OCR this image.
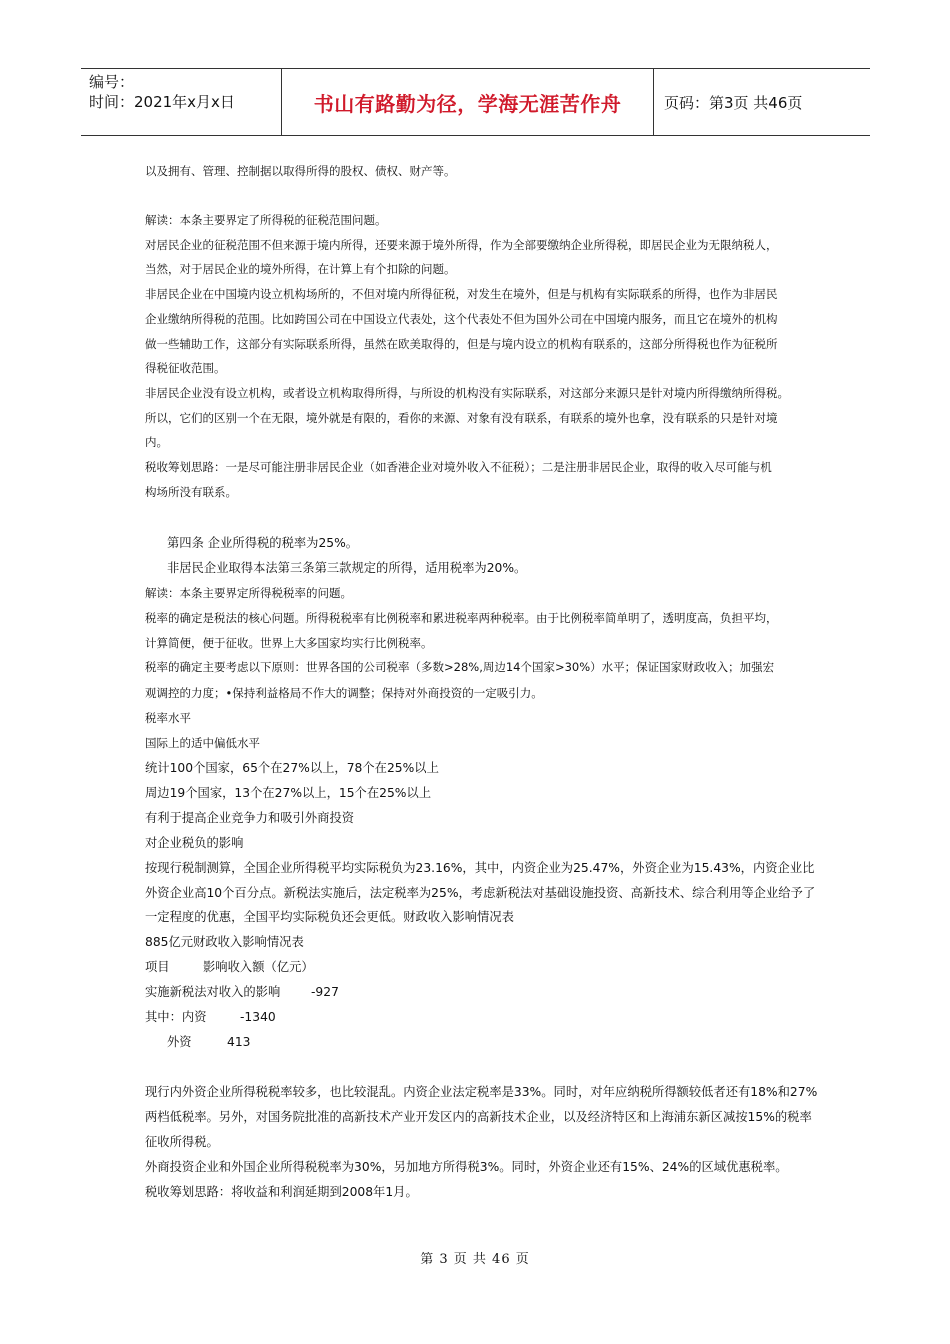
编号：
时间：2021年x月x日	书山有路勤为径，学海无涯苦作舟	页码：第3页 共46页
以及拥有、管理、控制据以取得所得的股权、债权、财产等。
解读：本条主要界定了所得税的征税范围问题。
对居民企业的征税范围不但来源于境内所得，还要来源于境外所得，作为全部要缴纳企业所得税，即居民企业为无限纳税人，
当然，对于居民企业的境外所得，在计算上有个扣除的问题。
非居民企业在中国境内设立机构场所的，不但对境内所得征税，对发生在境外，但是与机构有实际联系的所得，也作为非居民
企业缴纳所得税的范围。比如跨国公司在中国设立代表处，这个代表处不但为国外公司在中国境内服务，而且它在境外的机构
做一些辅助工作，这部分有实际联系所得，虽然在欧美取得的，但是与境内设立的机构有联系的，这部分所得税也作为征税所
得税征收范围。
非居民企业没有设立机构，或者设立机构取得所得，与所设的机构没有实际联系，对这部分来源只是针对境内所得缴纳所得税。
所以，它们的区别一个在无限，境外就是有限的，看你的来源、对象有没有联系，有联系的境外也拿，没有联系的只是针对境
内。
税收筹划思路：一是尽可能注册非居民企业（如香港企业对境外收入不征税）；二是注册非居民企业，取得的收入尽可能与机
构场所没有联系。
第四条 企业所得税的税率为25%。
非居民企业取得本法第三条第三款规定的所得，适用税率为20%。
解读：本条主要界定所得税税率的问题。
税率的确定是税法的核心问题。所得税税率有比例税率和累进税率两种税率。由于比例税率简单明了，透明度高，负担平均，
计算简便，便于征收。世界上大多国家均实行比例税率。
税率的确定主要考虑以下原则：世界各国的公司税率（多数>28%,周边14个国家>30%）水平；保证国家财政收入；加强宏
观调控的力度；•保持利益格局不作大的调整；保持对外商投资的一定吸引力。
税率水平
国际上的适中偏低水平
统计100个国家，65个在27%以上，78个在25%以上
周边19个国家，13个在27%以上，15个在25%以上
有利于提高企业竞争力和吸引外商投资
对企业税负的影响
按现行税制测算，全国企业所得税平均实际税负为23.16%，其中，内资企业为25.47%，外资企业为15.43%，内资企业比
外资企业高10个百分点。新税法实施后，法定税率为25%，考虑新税法对基础设施投资、高新技术、综合利用等企业给予了
一定程度的优惠，全国平均实际税负还会更低。财政收入影响情况表
885亿元财政收入影响情况表
项目	影响收入额（亿元）
实施新税法对收入的影响 -927
其中：内资	-1340
外资	413
现行内外资企业所得税税率较多，也比较混乱。内资企业法定税率是33%。同时，对年应纳税所得额较低者还有18%和27%
两档低税率。另外，对国务院批准的高新技术产业开发区内的高新技术企业，以及经济特区和上海浦东新区减按15%的税率
征收所得税。
外商投资企业和外国企业所得税税率为30%，另加地方所得税3%。同时，外资企业还有15%、24%的区域优惠税率。
税收筹划思路：将收益和利润延期到2008年1月。
第 3 页 共 46 页
